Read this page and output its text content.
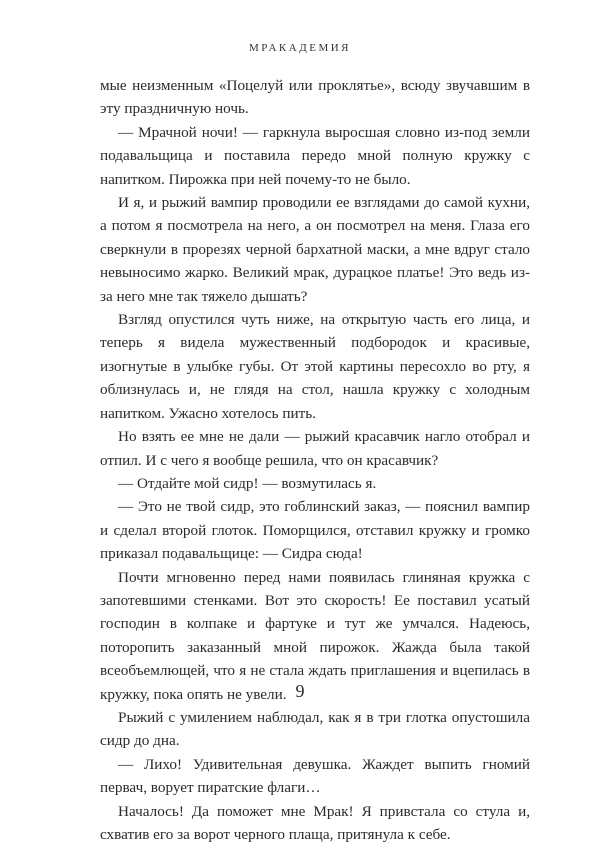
МРАКАДЕМИЯ

мые неизменным «Поцелуй или проклятье», всюду звучавшим в эту праздничную ночь.

— Мрачной ночи! — гаркнула выросшая словно из-под земли подавальщица и поставила передо мной полную кружку с напитком. Пирожка при ней почему-то не было.

И я, и рыжий вампир проводили ее взглядами до самой кухни, а потом я посмотрела на него, а он посмотрел на меня. Глаза его сверкнули в прорезях черной бархатной маски, а мне вдруг стало невыносимо жарко. Великий мрак, дурацкое платье! Это ведь из-за него мне так тяжело дышать?

Взгляд опустился чуть ниже, на открытую часть его лица, и теперь я видела мужественный подбородок и красивые, изогнутые в улыбке губы. От этой картины пересохло во рту, я облизнулась и, не глядя на стол, нашла кружку с холодным напитком. Ужасно хотелось пить.

Но взять ее мне не дали — рыжий красавчик нагло отобрал и отпил. И с чего я вообще решила, что он красавчик?

— Отдайте мой сидр! — возмутилась я.

— Это не твой сидр, это гоблинский заказ, — пояснил вампир и сделал второй глоток. Поморщился, отставил кружку и громко приказал подавальщице: — Сидра сюда!

Почти мгновенно перед нами появилась глиняная кружка с запотевшими стенками. Вот это скорость! Ее поставил усатый господин в колпаке и фартуке и тут же умчался. Надеюсь, поторопить заказанный мной пирожок. Жажда была такой всеобъемлющей, что я не стала ждать приглашения и вцепилась в кружку, пока опять не увели.

Рыжий с умилением наблюдал, как я в три глотка опустошила сидр до дна.

— Лихо! Удивительная девушка. Жаждет выпить гномий первач, ворует пиратские флаги…

Началось! Да поможет мне Мрак! Я привстала со стула и, схватив его за ворот черного плаща, притянула к себе.

9
